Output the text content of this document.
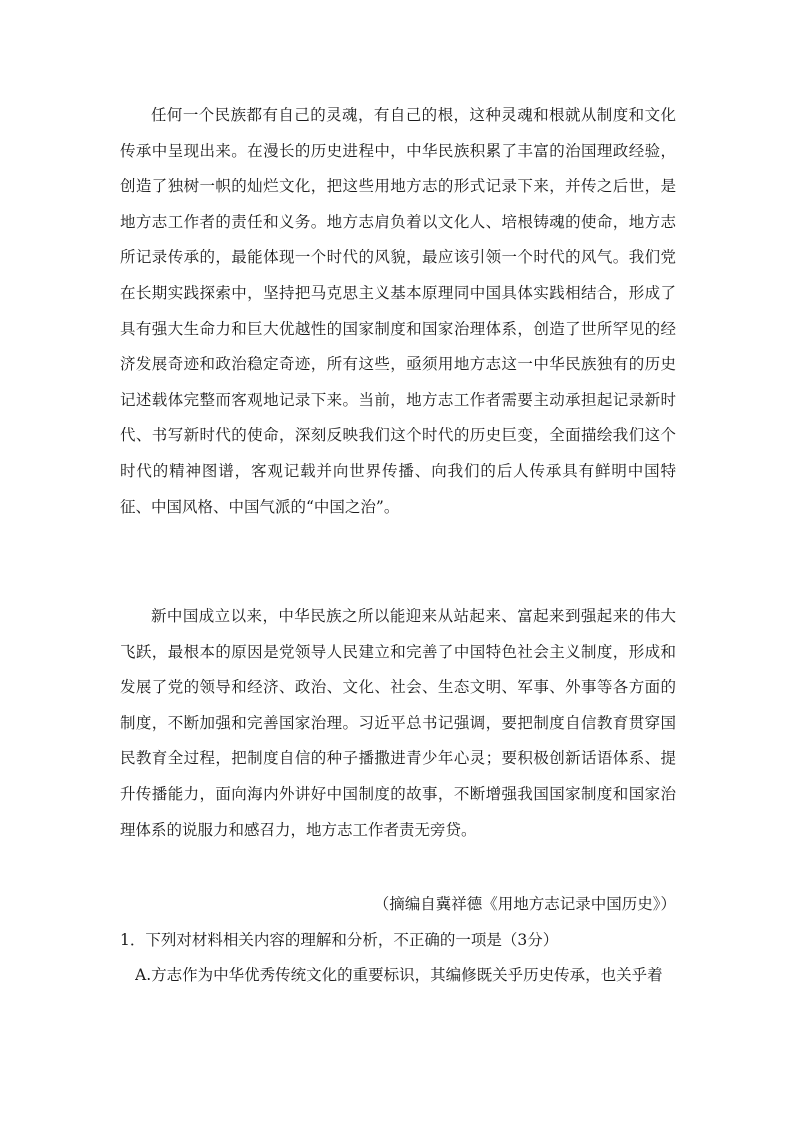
任何一个民族都有自己的灵魂，有自己的根，这种灵魂和根就从制度和文化传承中呈现出来。在漫长的历史进程中，中华民族积累了丰富的治国理政经验，创造了独树一帜的灿烂文化，把这些用地方志的形式记录下来，并传之后世，是地方志工作者的责任和义务。地方志肩负着以文化人、培根铸魂的使命，地方志所记录传承的，最能体现一个时代的风貌，最应该引领一个时代的风气。我们党在长期实践探索中，坚持把马克思主义基本原理同中国具体实践相结合，形成了具有强大生命力和巨大优越性的国家制度和国家治理体系，创造了世所罕见的经济发展奇迹和政治稳定奇迹，所有这些，亟须用地方志这一中华民族独有的历史记述载体完整而客观地记录下来。当前，地方志工作者需要主动承担起记录新时代、书写新时代的使命，深刻反映我们这个时代的历史巨变，全面描绘我们这个时代的精神图谱，客观记载并向世界传播、向我们的后人传承具有鲜明中国特征、中国风格、中国气派的“中国之治”。

新中国成立以来，中华民族之所以能迎来从站起来、富起来到强起来的伟大飞跃，最根本的原因是党领导人民建立和完善了中国特色社会主义制度，形成和发展了党的领导和经济、政治、文化、社会、生态文明、军事、外事等各方面的制度，不断加强和完善国家治理。习近平总书记强调，要把制度自信教育贯穿国民教育全过程，把制度自信的种子播撒进青少年心灵；要积极创新话语体系、提升传播能力，面向海内外讲好中国制度的故事，不断增强我国国家制度和国家治理体系的说服力和感召力，地方志工作者责无旁贷。

（摘编自冀祥德《用地方志记录中国历史》）

1．下列对材料相关内容的理解和分析，不正确的一项是（3分）

A.方志作为中华优秀传统文化的重要标识，其编修既关乎历史传承，也关乎着
